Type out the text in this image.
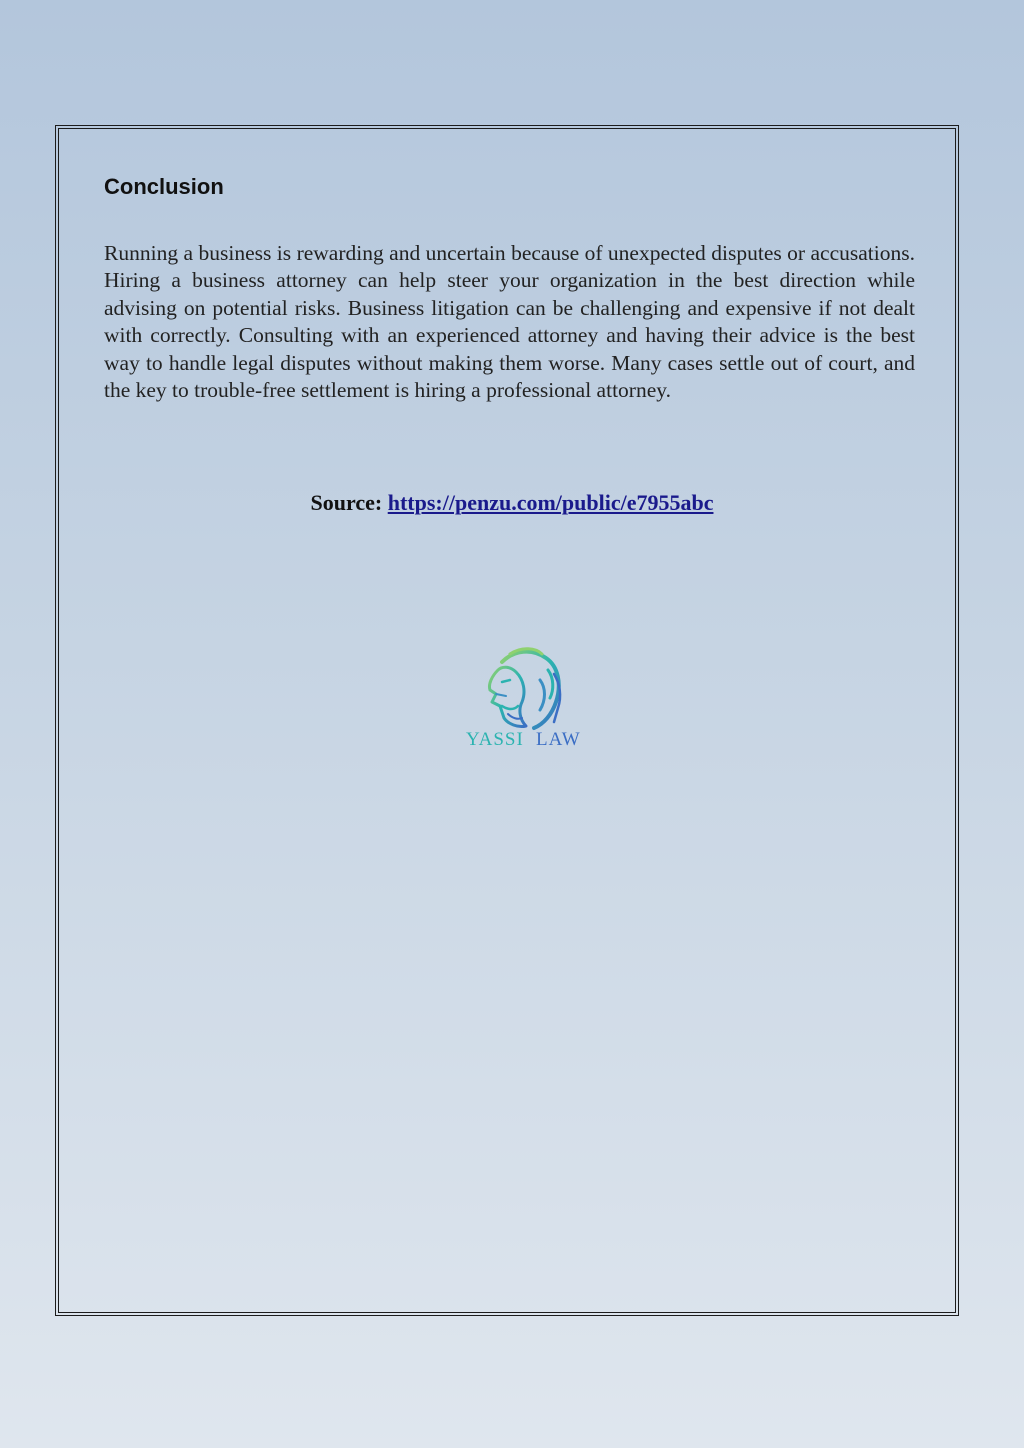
Conclusion

Running a business is rewarding and uncertain because of unexpected disputes or accusations. Hiring a business attorney can help steer your organization in the best direction while advising on potential risks. Business litigation can be challenging and expensive if not dealt with correctly. Consulting with an experienced attorney and having their advice is the best way to handle legal disputes without making them worse. Many cases settle out of court, and the key to trouble-free settlement is hiring a professional attorney.

Source: https://penzu.com/public/e7955abc
YASSI LAW
